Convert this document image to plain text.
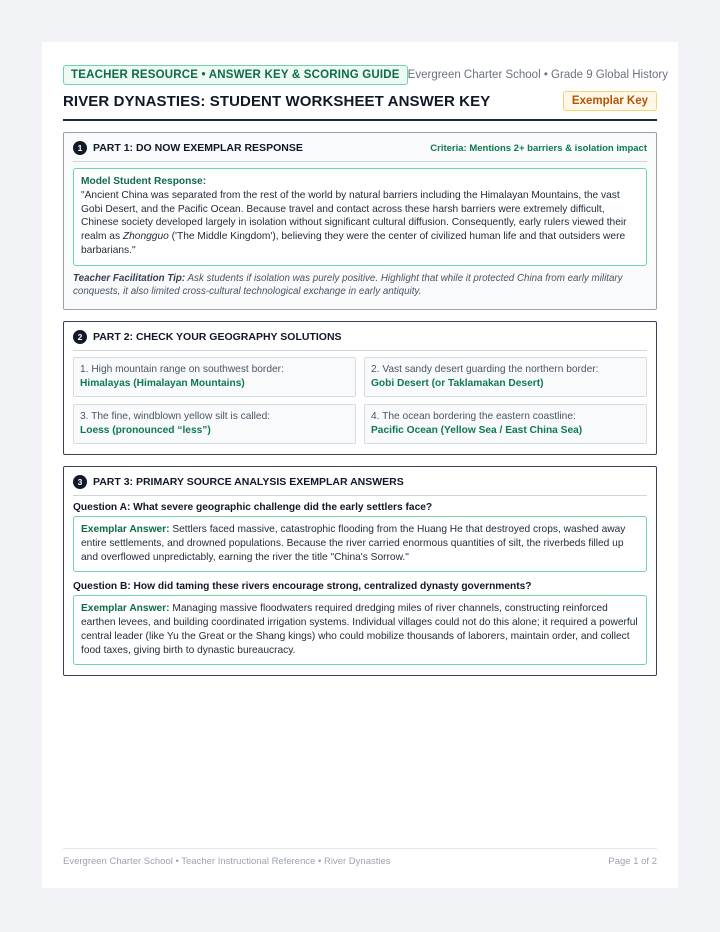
TEACHER RESOURCE • ANSWER KEY & SCORING GUIDE Evergreen Charter School • Grade 9 Global History
RIVER DYNASTIES: STUDENT WORKSHEET ANSWER KEY	Exemplar Key
1	PART 1: DO NOW EXEMPLAR RESPONSE	Criteria: Mentions 2+ barriers & isolation impact
Model Student Response:
"Ancient China was separated from the rest of the world by natural barriers including the Himalayan Mountains, the vast Gobi Desert, and the Pacific Ocean. Because travel and contact across these harsh barriers were extremely difficult, Chinese society developed largely in isolation without significant cultural diffusion. Consequently, early rulers viewed their realm as Zhongguo ('The Middle Kingdom'), believing they were the center of civilized human life and that outsiders were barbarians."
Teacher Facilitation Tip: Ask students if isolation was purely positive. Highlight that while it protected China from early military conquests, it also limited cross-cultural technological exchange in early antiquity.
2	PART 2: CHECK YOUR GEOGRAPHY SOLUTIONS
1. High mountain range on southwest border:
Himalayas (Himalayan Mountains)
2. Vast sandy desert guarding the northern border:
Gobi Desert (or Taklamakan Desert)
3. The fine, windblown yellow silt is called:
Loess (pronounced “less”)
4. The ocean bordering the eastern coastline:
Pacific Ocean (Yellow Sea / East China Sea)
3	PART 3: PRIMARY SOURCE ANALYSIS EXEMPLAR ANSWERS
Question A: What severe geographic challenge did the early settlers face?
Exemplar Answer: Settlers faced massive, catastrophic flooding from the Huang He that destroyed crops, washed away entire settlements, and drowned populations. Because the river carried enormous quantities of silt, the riverbeds filled up and overflowed unpredictably, earning the river the title "China's Sorrow."
Question B: How did taming these rivers encourage strong, centralized dynasty governments?
Exemplar Answer: Managing massive floodwaters required dredging miles of river channels, constructing reinforced earthen levees, and building coordinated irrigation systems. Individual villages could not do this alone; it required a powerful central leader (like Yu the Great or the Shang kings) who could mobilize thousands of laborers, maintain order, and collect food taxes, giving birth to dynastic bureaucracy.
Evergreen Charter School • Teacher Instructional Reference • River Dynasties	Page 1 of 2
